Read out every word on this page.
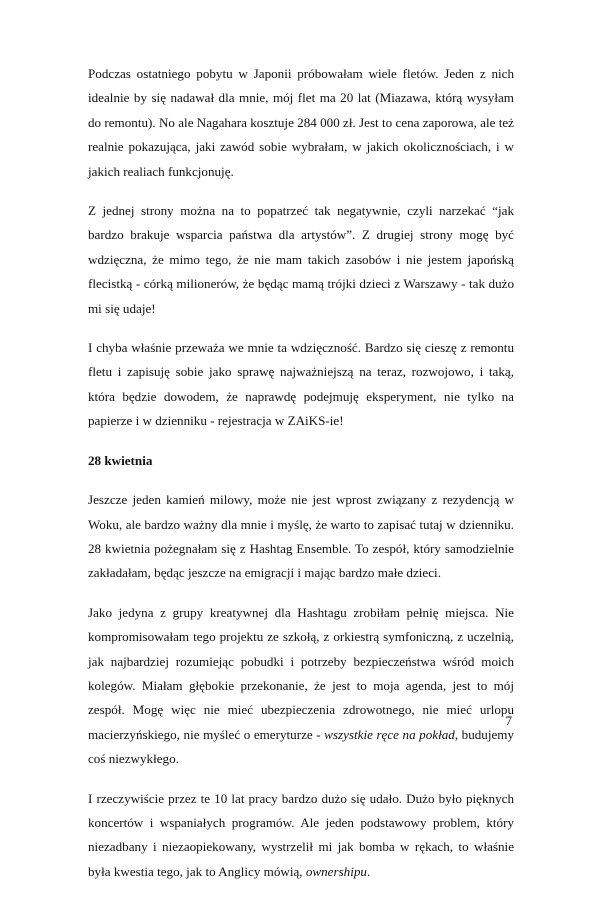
Podczas ostatniego pobytu w Japonii próbowałam wiele fletów. Jeden z nich idealnie by się nadawał dla mnie, mój flet ma 20 lat (Miazawa, którą wysyłam do remontu). No ale Nagahara kosztuje 284 000 zł. Jest to cena zaporowa, ale też realnie pokazująca, jaki zawód sobie wybrałam, w jakich okolicznościach, i w jakich realiach funkcjonuję.

Z jednej strony można na to popatrzeć tak negatywnie, czyli narzekać “jak bardzo brakuje wsparcia państwa dla artystów”. Z drugiej strony mogę być wdzięczna, że mimo tego, że nie mam takich zasobów i nie jestem japońską flecistką - córką milionerów, że będąc mamą trójki dzieci z Warszawy - tak dużo mi się udaje!

I chyba właśnie przeważa we mnie ta wdzięczność. Bardzo się cieszę z remontu fletu i zapisuję sobie jako sprawę najważniejszą na teraz, rozwojowo, i taką, która będzie dowodem, że naprawdę podejmuję eksperyment, nie tylko na papierze i w dzienniku - rejestracja w ZAiKS-ie!

28 kwietnia

Jeszcze jeden kamień milowy, może nie jest wprost związany z rezydencją w Woku, ale bardzo ważny dla mnie i myślę, że warto to zapisać tutaj w dzienniku. 28 kwietnia pożegnałam się z Hashtag Ensemble. To zespół, który samodzielnie zakładałam, będąc jeszcze na emigracji i mając bardzo małe dzieci.

Jako jedyna z grupy kreatywnej dla Hashtagu zrobiłam pełnię miejsca. Nie kompromisowałam tego projektu ze szkołą, z orkiestrą symfoniczną, z uczelnią, jak najbardziej rozumiejąc pobudki i potrzeby bezpieczeństwa wśród moich kolegów. Miałam głębokie przekonanie, że jest to moja agenda, jest to mój zespół. Mogę więc nie mieć ubezpieczenia zdrowotnego, nie mieć urlopu macierzyńskiego, nie myśleć o emeryturze - wszystkie ręce na pokład, budujemy coś niezwykłego.

I rzeczywiście przez te 10 lat pracy bardzo dużo się udało. Dużo było pięknych koncertów i wspaniałych programów. Ale jeden podstawowy problem, który niezadbany i niezaopiekowany, wystrzelił mi jak bomba w rękach, to właśnie była kwestia tego, jak to Anglicy mówią, ownershipu.

7
